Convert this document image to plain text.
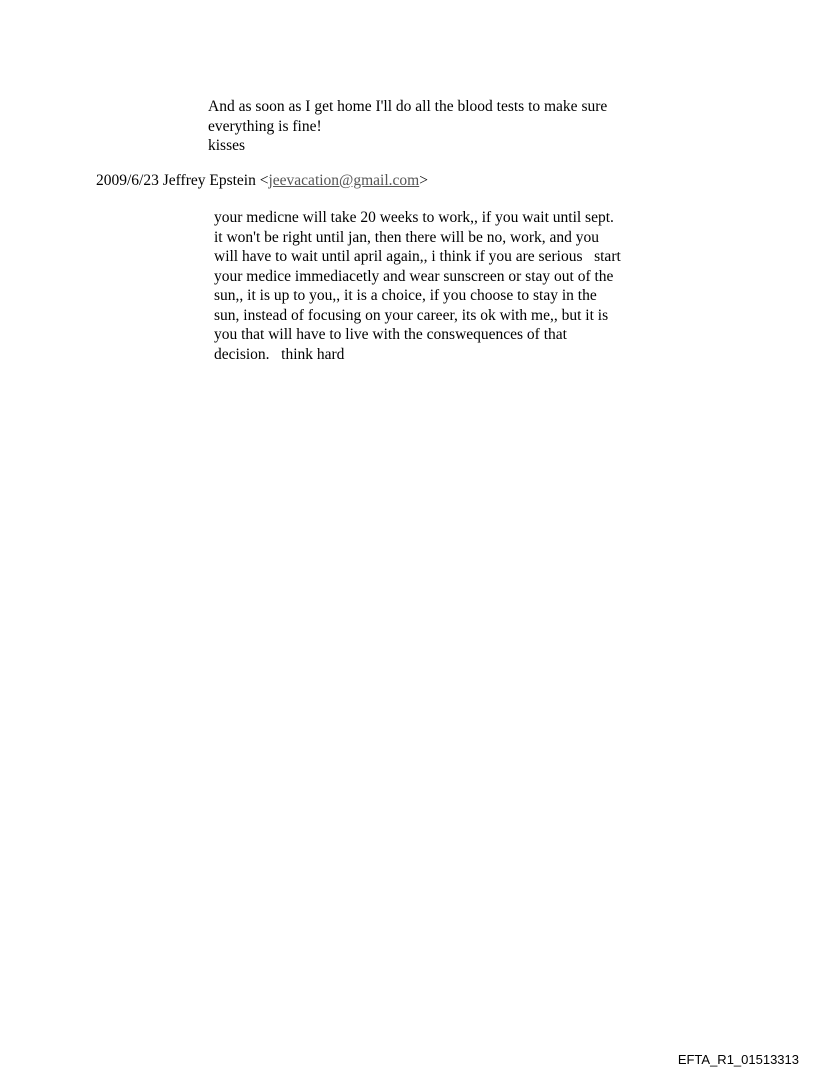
And as soon as I get home I'll do all the blood tests to make sure
everything is fine!
kisses
2009/6/23 Jeffrey Epstein <jeevacation@gmail.com>
your medicne will take 20 weeks to work,, if you wait until sept.
it won't be right until jan, then there will be no, work, and you
will have to wait until april again,, i think if you are serious   start
your medice immediacetly and wear sunscreen or stay out of the
sun,, it is up to you,, it is a choice, if you choose to stay in the
sun, instead of focusing on your career, its ok with me,, but it is
you that will have to live with the conswequences of that
decision.   think hard
EFTA_R1_01513313
